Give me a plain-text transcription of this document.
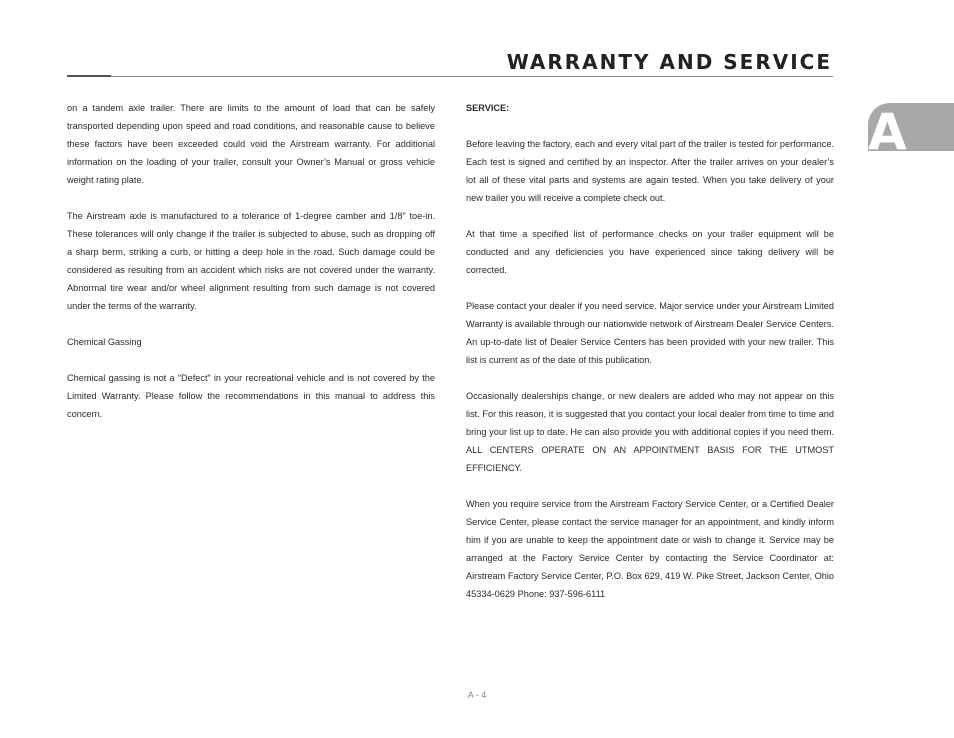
WARRANTY AND SERVICE
A

on a tandem axle trailer. There are limits to the amount of load that can be safely transported depending upon speed and road conditions, and reasonable cause to believe these factors have been exceeded could void the Airstream warranty. For additional information on the loading of your trailer, consult your Owner’s Manual or gross vehicle weight rating plate.

The Airstream axle is manufactured to a tolerance of 1-degree camber and 1/8” toe-in. These tolerances will only change if the trailer is subjected to abuse, such as dropping off a sharp berm, striking a curb, or hitting a deep hole in the road. Such damage could be considered as resulting from an accident which risks are not covered under the warranty. Abnormal tire wear and/or wheel alignment resulting from such damage is not covered under the terms of the warranty.

Chemical Gassing

Chemical gassing is not a “Defect” in your recreational vehicle and is not covered by the Limited Warranty. Please follow the recommendations in this manual to address this concern.

SERVICE:

Before leaving the factory, each and every vital part of the trailer is tested for performance. Each test is signed and certified by an inspector. After the trailer arrives on your dealer’s lot all of these vital parts and systems are again tested. When you take delivery of your new trailer you will receive a complete check out.

At that time a specified list of performance checks on your trailer equipment will be conducted and any deficiencies you have experienced since taking delivery will be corrected.

Please contact your dealer if you need service. Major service under your Airstream Limited Warranty is available through our nationwide network of Airstream Dealer Service Centers. An up-to-date list of Dealer Service Centers has been provided with your new trailer. This list is current as of the date of this publication.

Occasionally dealerships change, or new dealers are added who may not appear on this list. For this reason, it is suggested that you contact your local dealer from time to time and bring your list up to date. He can also provide you with additional copies if you need them. ALL CENTERS OPERATE ON AN APPOINTMENT BASIS FOR THE UTMOST EFFICIENCY.

When you require service from the Airstream Factory Service Center, or a Certified Dealer Service Center, please contact the service manager for an appointment, and kindly inform him if you are unable to keep the appointment date or wish to change it. Service may be arranged at the Factory Service Center by contacting the Service Coordinator at: Airstream Factory Service Center, P.O. Box 629, 419 W. Pike Street, Jackson Center, Ohio 45334-0629 Phone: 937-596-6111

A - 4
